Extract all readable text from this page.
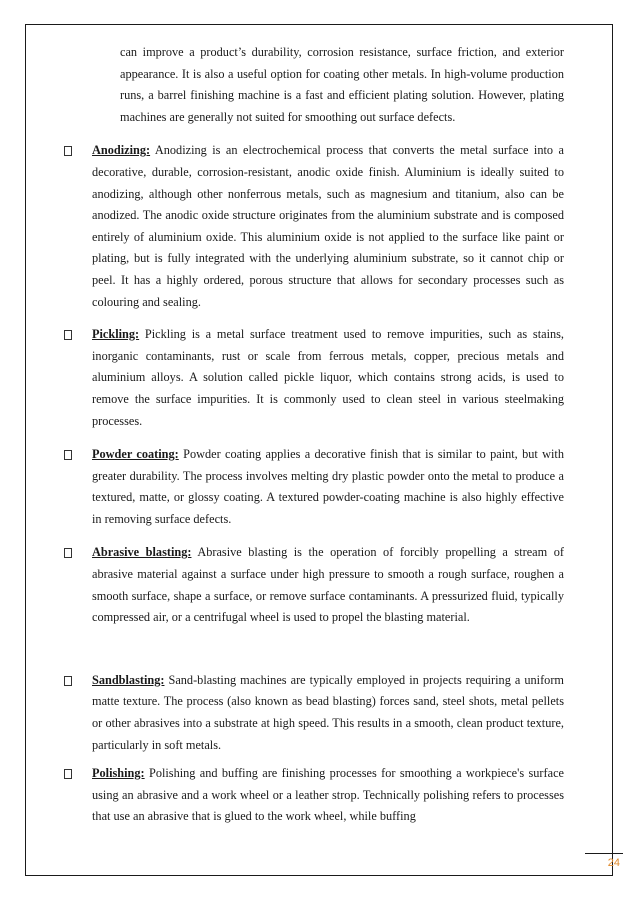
can improve a product’s durability, corrosion resistance, surface friction, and exterior appearance. It is also a useful option for coating other metals. In high-volume production runs, a barrel finishing machine is a fast and efficient plating solution. However, plating machines are generally not suited for smoothing out surface defects.

Anodizing: Anodizing is an electrochemical process that converts the metal surface into a decorative, durable, corrosion-resistant, anodic oxide finish. Aluminium is ideally suited to anodizing, although other nonferrous metals, such as magnesium and titanium, also can be anodized. The anodic oxide structure originates from the aluminium substrate and is composed entirely of aluminium oxide. This aluminium oxide is not applied to the surface like paint or plating, but is fully integrated with the underlying aluminium substrate, so it cannot chip or peel. It has a highly ordered, porous structure that allows for secondary processes such as colouring and sealing.
Pickling: Pickling is a metal surface treatment used to remove impurities, such as stains, inorganic contaminants, rust or scale from ferrous metals, copper, precious metals and aluminium alloys. A solution called pickle liquor, which contains strong acids, is used to remove the surface impurities. It is commonly used to clean steel in various steelmaking processes.
Powder coating: Powder coating applies a decorative finish that is similar to paint, but with greater durability. The process involves melting dry plastic powder onto the metal to produce a textured, matte, or glossy coating. A textured powder-coating machine is also highly effective in removing surface defects.
Abrasive blasting: Abrasive blasting is the operation of forcibly propelling a stream of abrasive material against a surface under high pressure to smooth a rough surface, roughen a smooth surface, shape a surface, or remove surface contaminants. A pressurized fluid, typically compressed air, or a centrifugal wheel is used to propel the blasting material.
Sandblasting: Sand-blasting machines are typically employed in projects requiring a uniform matte texture. The process (also known as bead blasting) forces sand, steel shots, metal pellets or other abrasives into a substrate at high speed. This results in a smooth, clean product texture, particularly in soft metals.
Polishing: Polishing and buffing are finishing processes for smoothing a workpiece's surface using an abrasive and a work wheel or a leather strop. Technically polishing refers to processes that use an abrasive that is glued to the work wheel, while buffing
24
